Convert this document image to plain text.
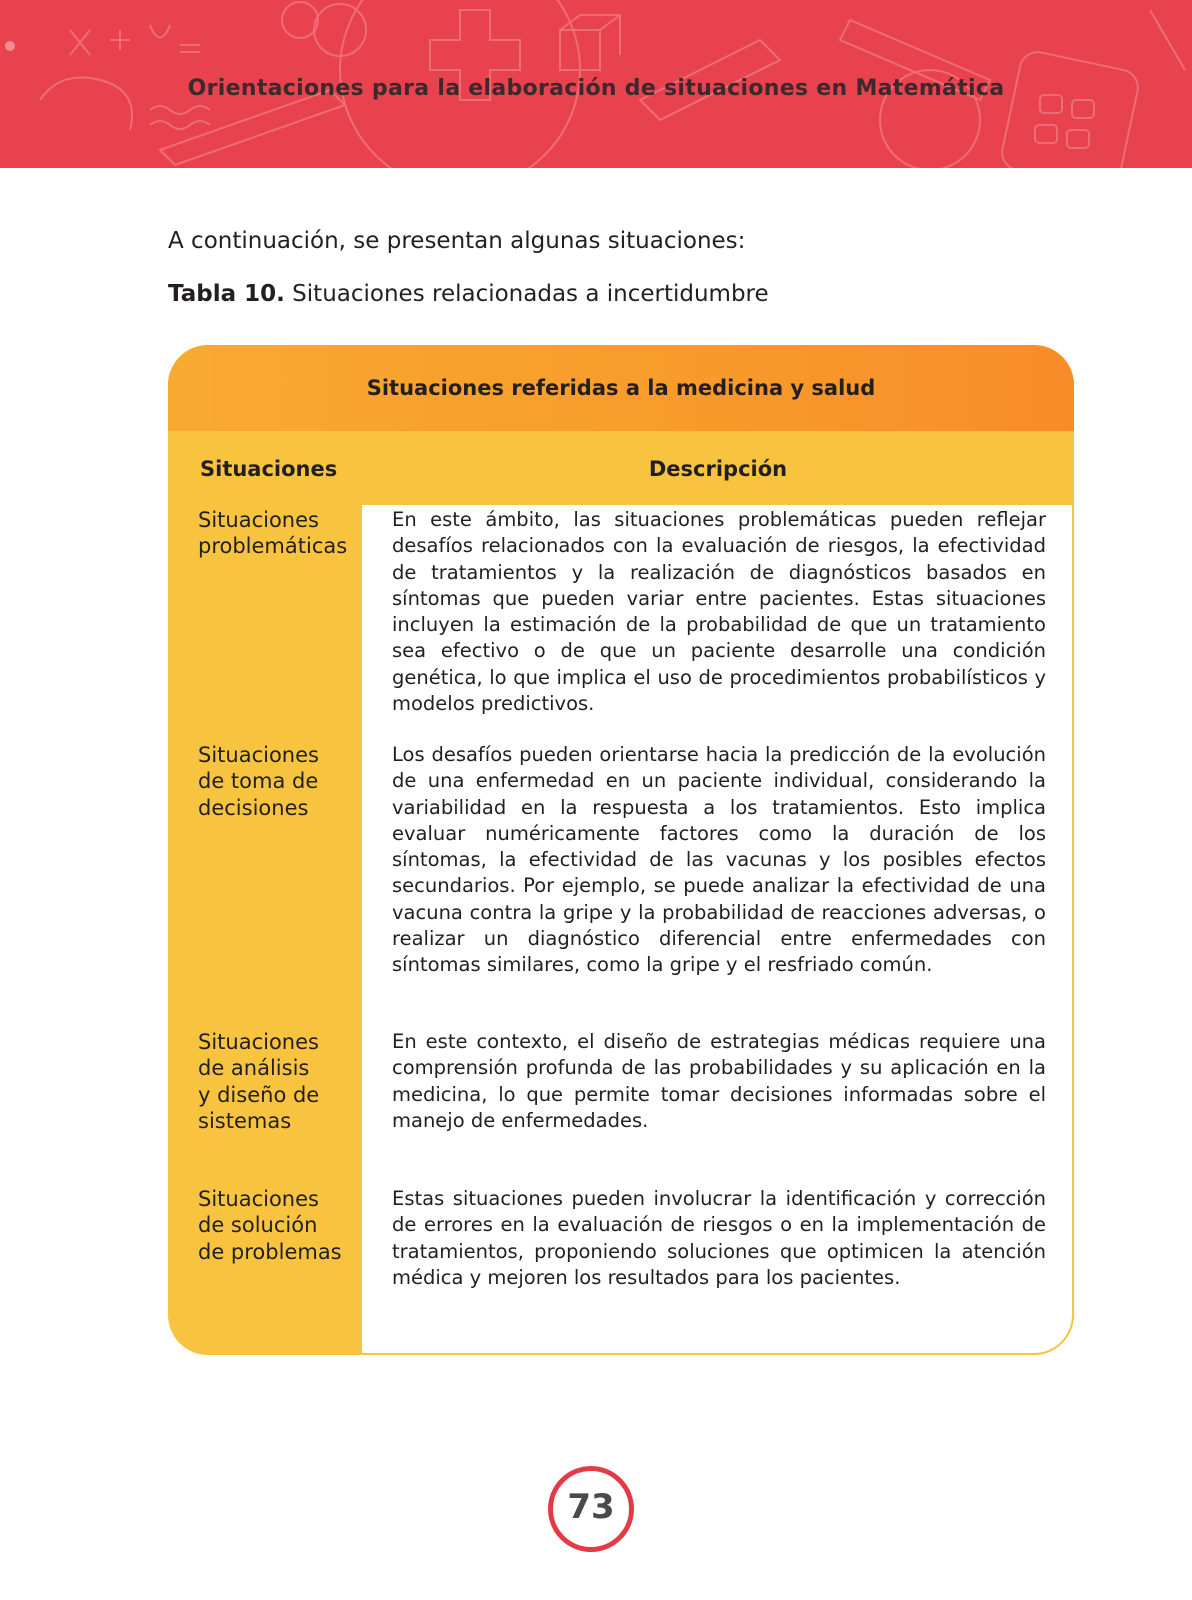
Orientaciones para la elaboración de situaciones en Matemática
A continuación, se presentan algunas situaciones:
Tabla 10. Situaciones relacionadas a incertidumbre
Situaciones referidas a la medicina y salud
Situaciones	Descripción
Situaciones
problemáticas
En este ámbito, las situaciones problemáticas pueden reflejar desafíos relacionados con la evaluación de riesgos, la efectividad de tratamientos y la realización de diagnósticos basados en síntomas que pueden variar entre pacientes. Estas situaciones incluyen la estimación de la probabilidad de que un tratamiento sea efectivo o de que un paciente desarrolle una condición genética, lo que implica el uso de procedimientos probabilísticos y modelos predictivos.
Situaciones
de toma de
decisiones
Los desafíos pueden orientarse hacia la predicción de la evolución de una enfermedad en un paciente individual, considerando la variabilidad en la respuesta a los tratamientos. Esto implica evaluar numéricamente factores como la duración de los síntomas, la efectividad de las vacunas y los posibles efectos secundarios. Por ejemplo, se puede analizar la efectividad de una vacuna contra la gripe y la probabilidad de reacciones adversas, o realizar un diagnóstico diferencial entre enfermedades con síntomas similares, como la gripe y el resfriado común.
Situaciones
de análisis
y diseño de
sistemas
En este contexto, el diseño de estrategias médicas requiere una comprensión profunda de las probabilidades y su aplicación en la medicina, lo que permite tomar decisiones informadas sobre el manejo de enfermedades.
Situaciones
de solución
de problemas
Estas situaciones pueden involucrar la identificación y corrección de errores en la evaluación de riesgos o en la implementación de tratamientos, proponiendo soluciones que optimicen la atención médica y mejoren los resultados para los pacientes.
73
